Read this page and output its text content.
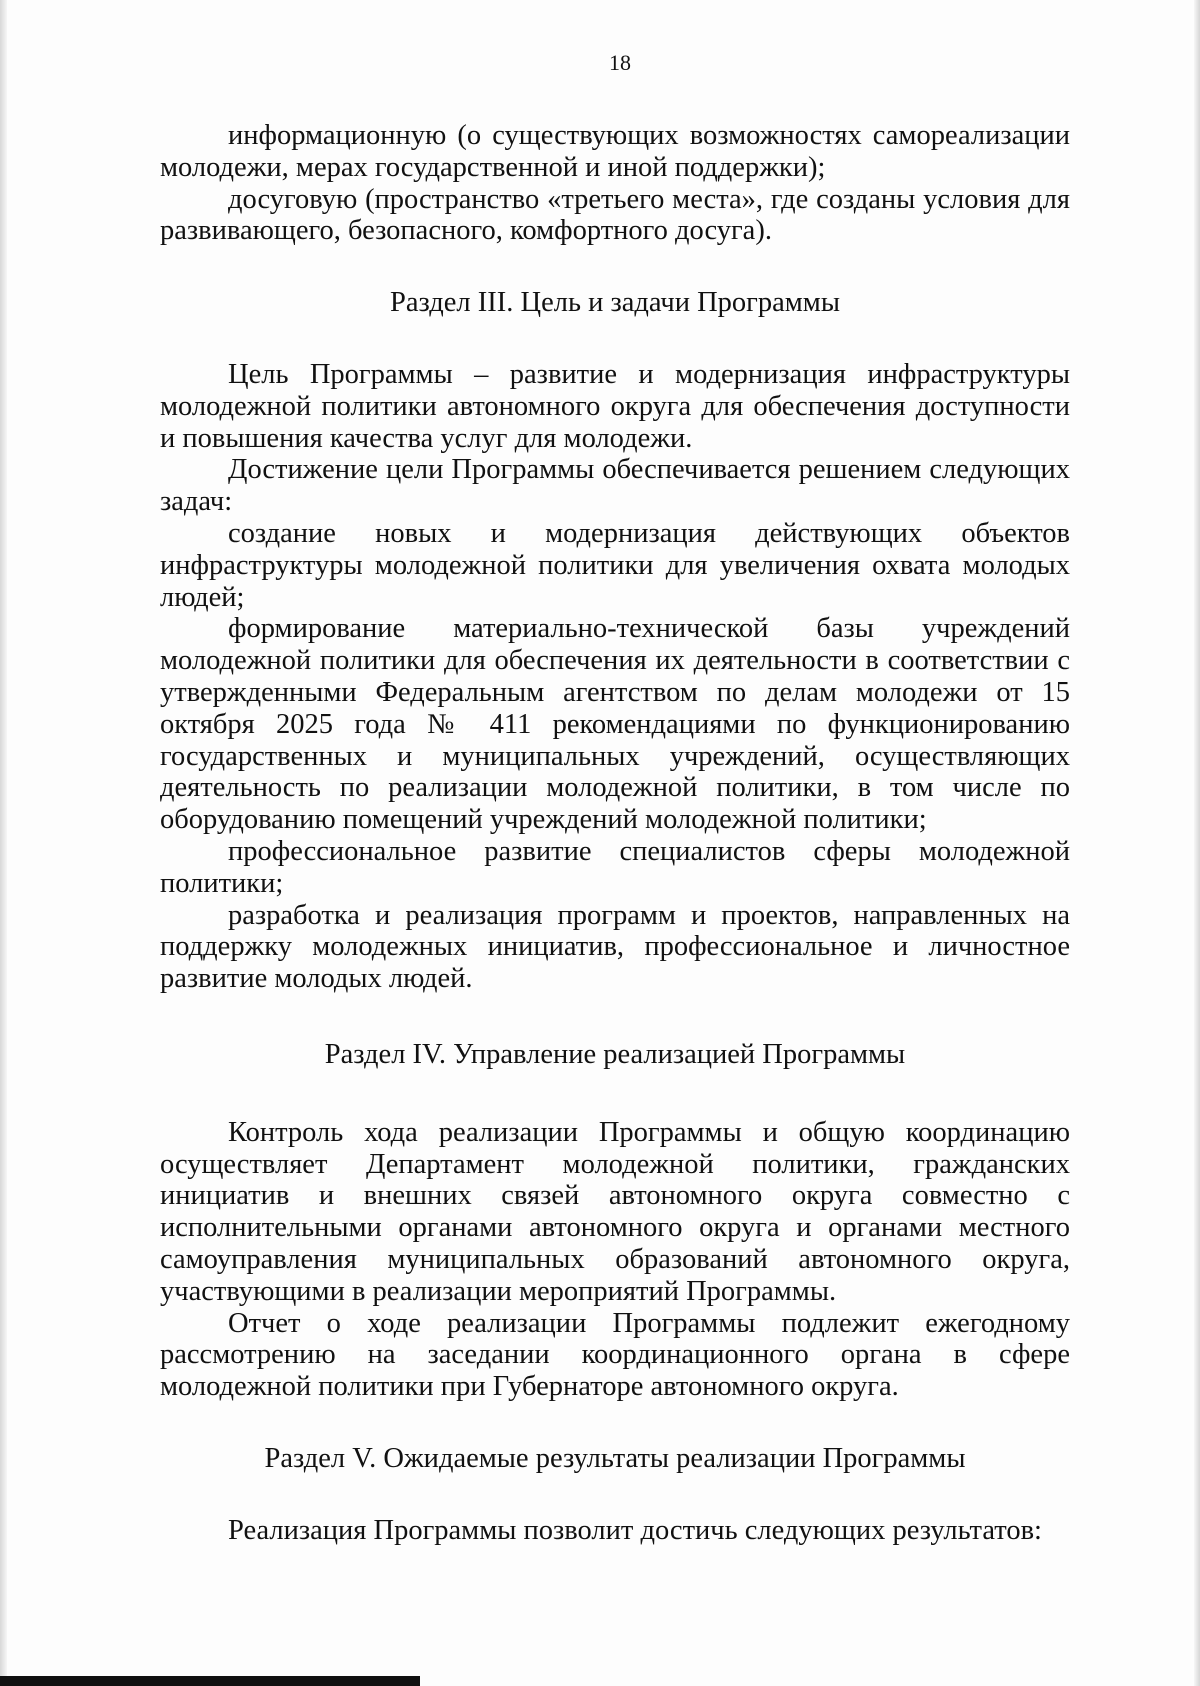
18

информационную (о существующих возможностях самореализации молодежи, мерах государственной и иной поддержки);

досуговую (пространство «третьего места», где созданы условия для развивающего, безопасного, комфортного досуга).

Раздел III. Цель и задачи Программы

Цель Программы – развитие и модернизация инфраструктуры молодежной политики автономного округа для обеспечения доступности и повышения качества услуг для молодежи.

Достижение цели Программы обеспечивается решением следующих задач:

создание новых и модернизация действующих объектов инфраструктуры молодежной политики для увеличения охвата молодых людей;

формирование материально-технической базы учреждений молодежной политики для обеспечения их деятельности в соответствии с утвержденными Федеральным агентством по делам молодежи от 15 октября 2025 года № 411 рекомендациями по функционированию государственных и муниципальных учреждений, осуществляющих деятельность по реализации молодежной политики, в том числе по оборудованию помещений учреждений молодежной политики;

профессиональное развитие специалистов сферы молодежной политики;

разработка и реализация программ и проектов, направленных на поддержку молодежных инициатив, профессиональное и личностное развитие молодых людей.

Раздел IV. Управление реализацией Программы

Контроль хода реализации Программы и общую координацию осуществляет Департамент молодежной политики, гражданских инициатив и внешних связей автономного округа совместно с исполнительными органами автономного округа и органами местного самоуправления муниципальных образований автономного округа, участвующими в реализации мероприятий Программы.

Отчет о ходе реализации Программы подлежит ежегодному рассмотрению на заседании координационного органа в сфере молодежной политики при Губернаторе автономного округа.

Раздел V. Ожидаемые результаты реализации Программы

Реализация Программы позволит достичь следующих результатов:
